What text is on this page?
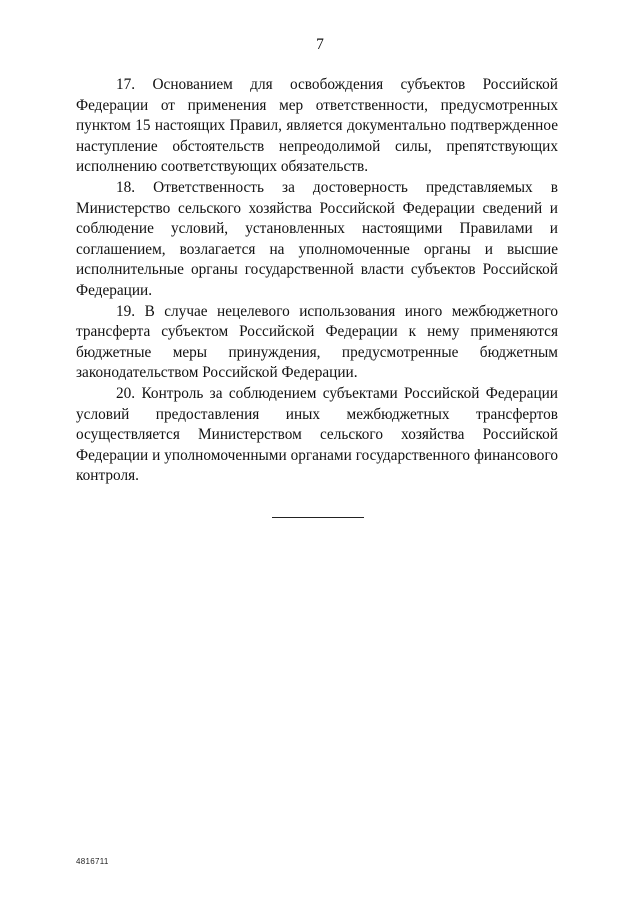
7

17. Основанием для освобождения субъектов Российской Федерации от применения мер ответственности, предусмотренных пунктом 15 настоящих Правил, является документально подтвержденное наступление обстоятельств непреодолимой силы, препятствующих исполнению соответствующих обязательств.

18. Ответственность за достоверность представляемых в Министерство сельского хозяйства Российской Федерации сведений и соблюдение условий, установленных настоящими Правилами и соглашением, возлагается на уполномоченные органы и высшие исполнительные органы государственной власти субъектов Российской Федерации.

19. В случае нецелевого использования иного межбюджетного трансферта субъектом Российской Федерации к нему применяются бюджетные меры принуждения, предусмотренные бюджетным законодательством Российской Федерации.

20. Контроль за соблюдением субъектами Российской Федерации условий предоставления иных межбюджетных трансфертов осуществляется Министерством сельского хозяйства Российской Федерации и уполномоченными органами государственного финансового контроля.

4816711
